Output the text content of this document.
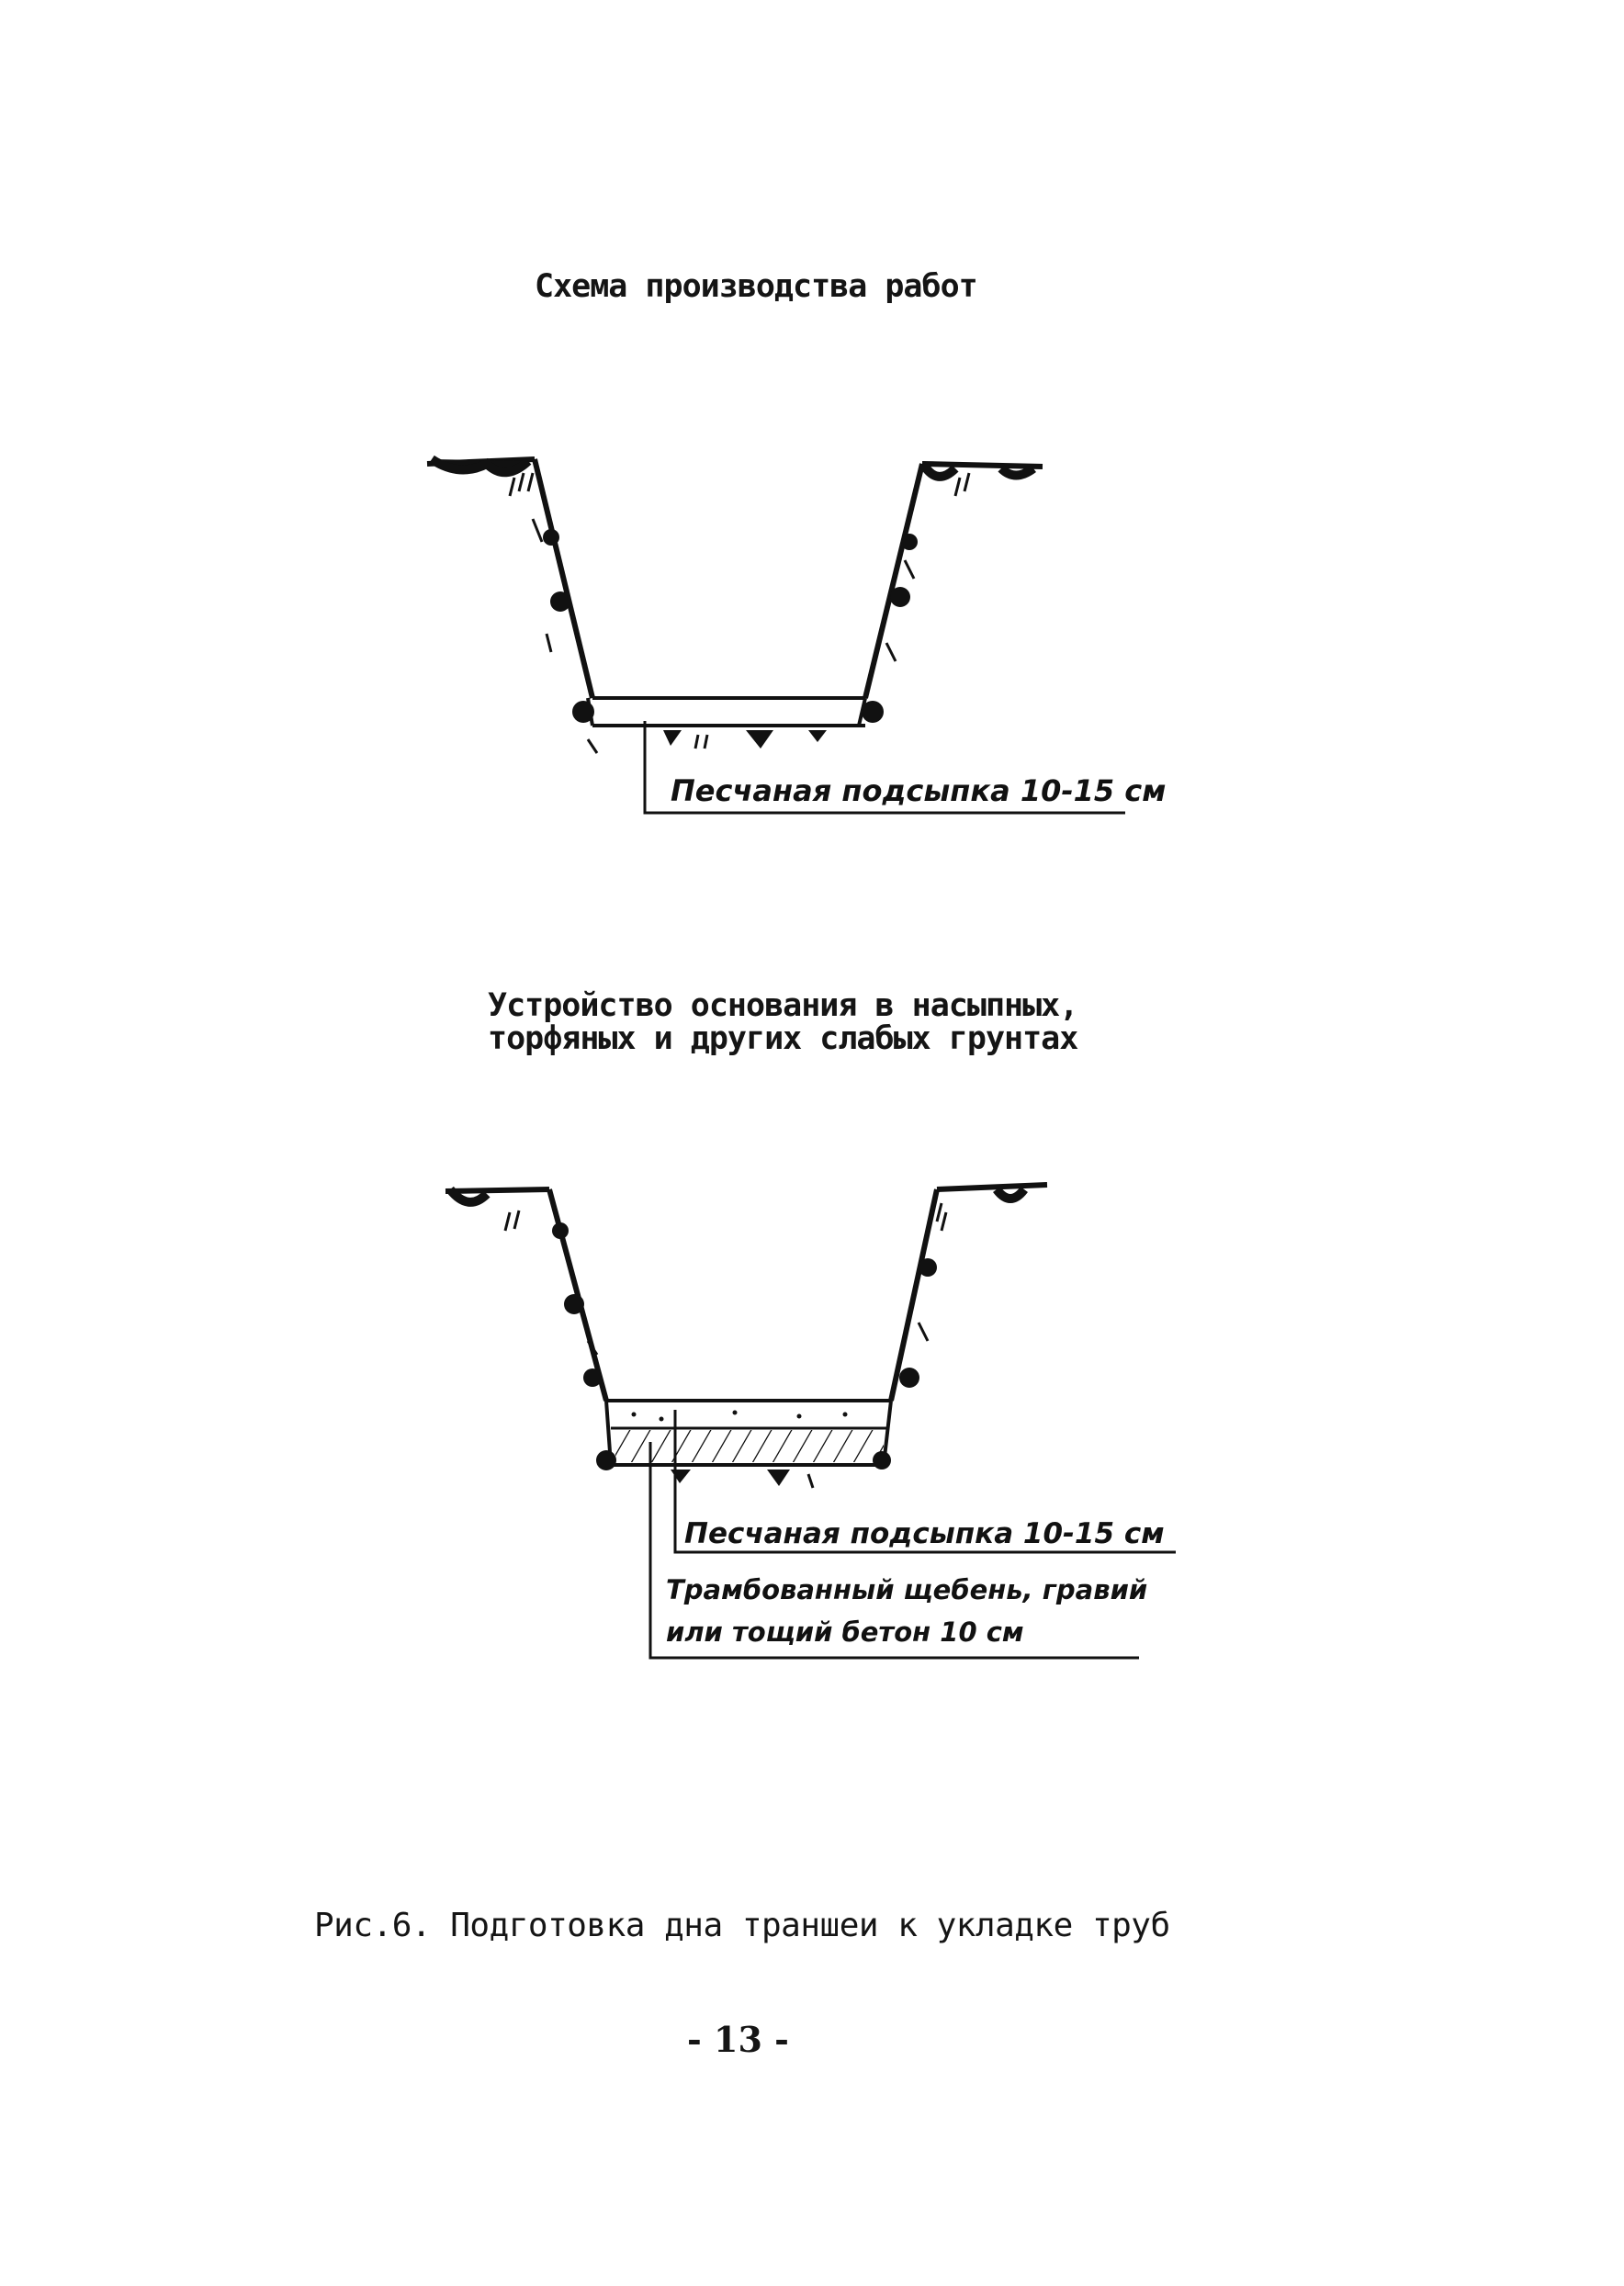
Схема производства работ
Песчаная подсыпка 10-15 см
Устройство основания в насыпных,
торфяных и других слабых грунтах
Песчаная подсыпка 10-15 см
Трамбованный щебень, гравий
или тощий бетон 10 см
Рис.6. Подготовка дна траншеи к укладке труб
- 13 -
